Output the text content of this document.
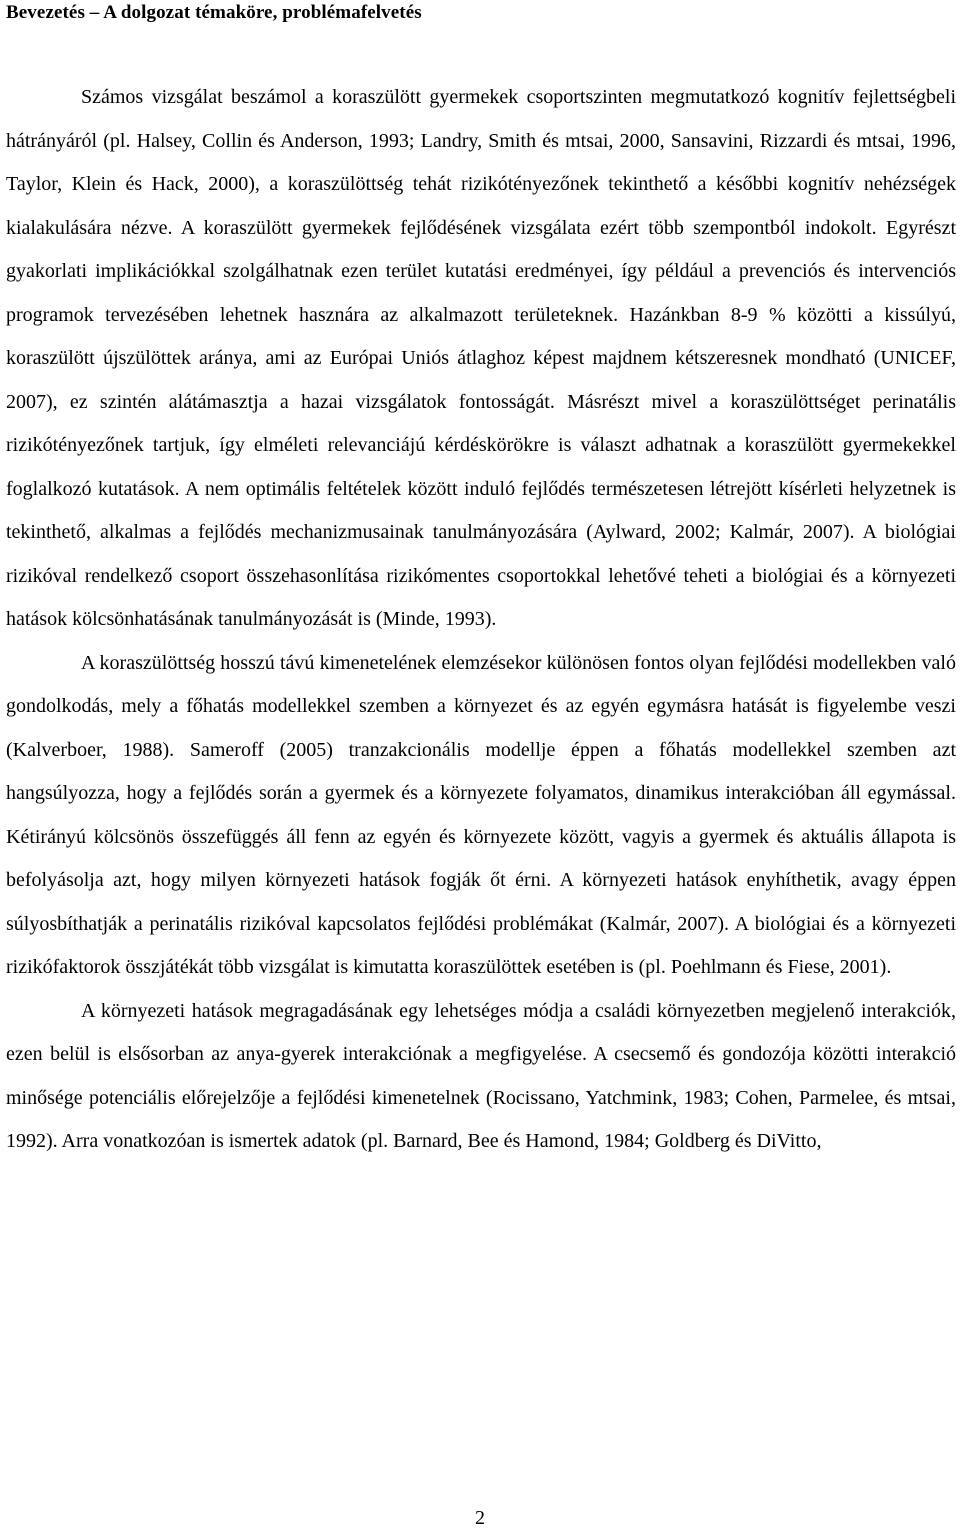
Bevezetés – A dolgozat témaköre, problémafelvetés

Számos vizsgálat beszámol a koraszülött gyermekek csoportszinten megmutatkozó kognitív fejlettségbeli hátrányáról (pl. Halsey, Collin és Anderson, 1993; Landry, Smith és mtsai, 2000, Sansavini, Rizzardi és mtsai, 1996, Taylor, Klein és Hack, 2000), a koraszülöttség tehát rizikótényezőnek tekinthető a későbbi kognitív nehézségek kialakulására nézve. A koraszülött gyermekek fejlődésének vizsgálata ezért több szempontból indokolt. Egyrészt gyakorlati implikációkkal szolgálhatnak ezen terület kutatási eredményei, így például a prevenciós és intervenciós programok tervezésében lehetnek hasznára az alkalmazott területeknek. Hazánkban 8-9 % közötti a kissúlyú, koraszülött újszülöttek aránya, ami az Európai Uniós átlaghoz képest majdnem kétszeresnek mondható (UNICEF, 2007), ez szintén alátámasztja a hazai vizsgálatok fontosságát. Másrészt mivel a koraszülöttséget perinatális rizikótényezőnek tartjuk, így elméleti relevanciájú kérdéskörökre is választ adhatnak a koraszülött gyermekekkel foglalkozó kutatások. A nem optimális feltételek között induló fejlődés természetesen létrejött kísérleti helyzetnek is tekinthető, alkalmas a fejlődés mechanizmusainak tanulmányozására (Aylward, 2002; Kalmár, 2007). A biológiai rizikóval rendelkező csoport összehasonlítása rizikómentes csoportokkal lehetővé teheti a biológiai és a környezeti hatások kölcsönhatásának tanulmányozását is (Minde, 1993).

A koraszülöttség hosszú távú kimenetelének elemzésekor különösen fontos olyan fejlődési modellekben való gondolkodás, mely a főhatás modellekkel szemben a környezet és az egyén egymásra hatását is figyelembe veszi (Kalverboer, 1988). Sameroff (2005) tranzakcionális modellje éppen a főhatás modellekkel szemben azt hangsúlyozza, hogy a fejlődés során a gyermek és a környezete folyamatos, dinamikus interakcióban áll egymással. Kétirányú kölcsönös összefüggés áll fenn az egyén és környezete között, vagyis a gyermek és aktuális állapota is befolyásolja azt, hogy milyen környezeti hatások fogják őt érni. A környezeti hatások enyhíthetik, avagy éppen súlyosbíthatják a perinatális rizikóval kapcsolatos fejlődési problémákat (Kalmár, 2007). A biológiai és a környezeti rizikófaktorok összjátékát több vizsgálat is kimutatta koraszülöttek esetében is (pl. Poehlmann és Fiese, 2001).

A környezeti hatások megragadásának egy lehetséges módja a családi környezetben megjelenő interakciók, ezen belül is elsősorban az anya-gyerek interakciónak a megfigyelése. A csecsemő és gondozója közötti interakció minősége potenciális előrejelzője a fejlődési kimenetelnek (Rocissano, Yatchmink, 1983; Cohen, Parmelee, és mtsai, 1992). Arra vonatkozóan is ismertek adatok (pl. Barnard, Bee és Hamond, 1984; Goldberg és DiVitto,

2
